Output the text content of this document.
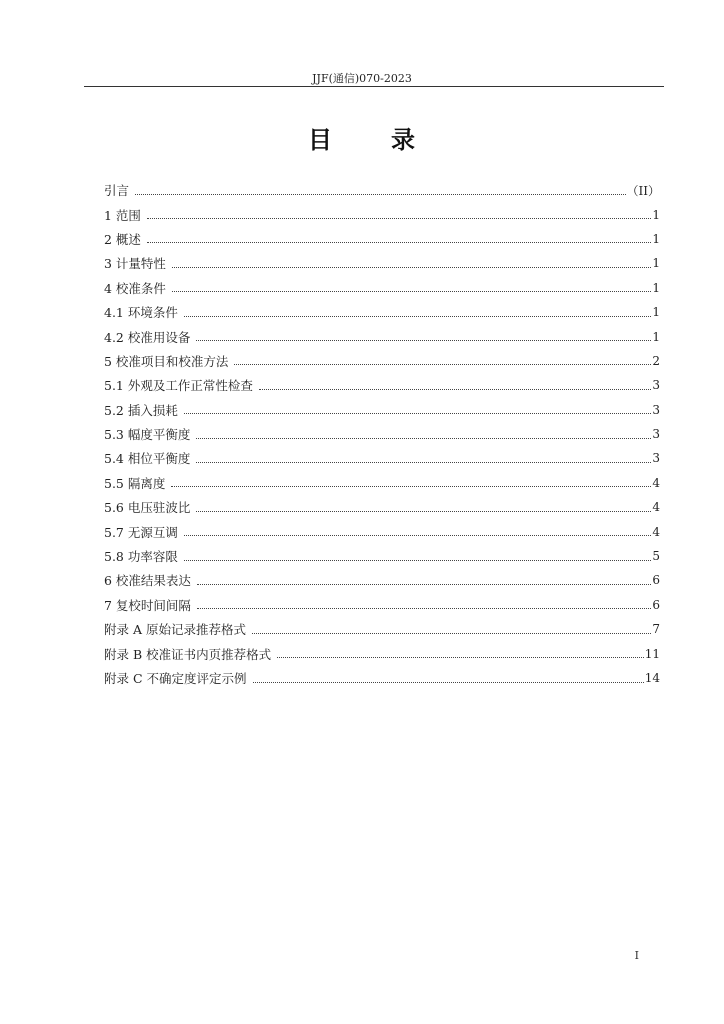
JJF(通信)070-2023
目 录
引言	（II）
1 范围	1
2 概述	1
3 计量特性	1
4 校准条件	1
4.1 环境条件	1
4.2 校准用设备	1
5 校准项目和校准方法	2
5.1 外观及工作正常性检查	3
5.2 插入损耗	3
5.3 幅度平衡度	3
5.4 相位平衡度	3
5.5 隔离度	4
5.6 电压驻波比	4
5.7 无源互调	4
5.8 功率容限	5
6 校准结果表达	6
7 复校时间间隔	6
附录 A 原始记录推荐格式	7
附录 B 校准证书内页推荐格式	11
附录 C 不确定度评定示例	14
I
